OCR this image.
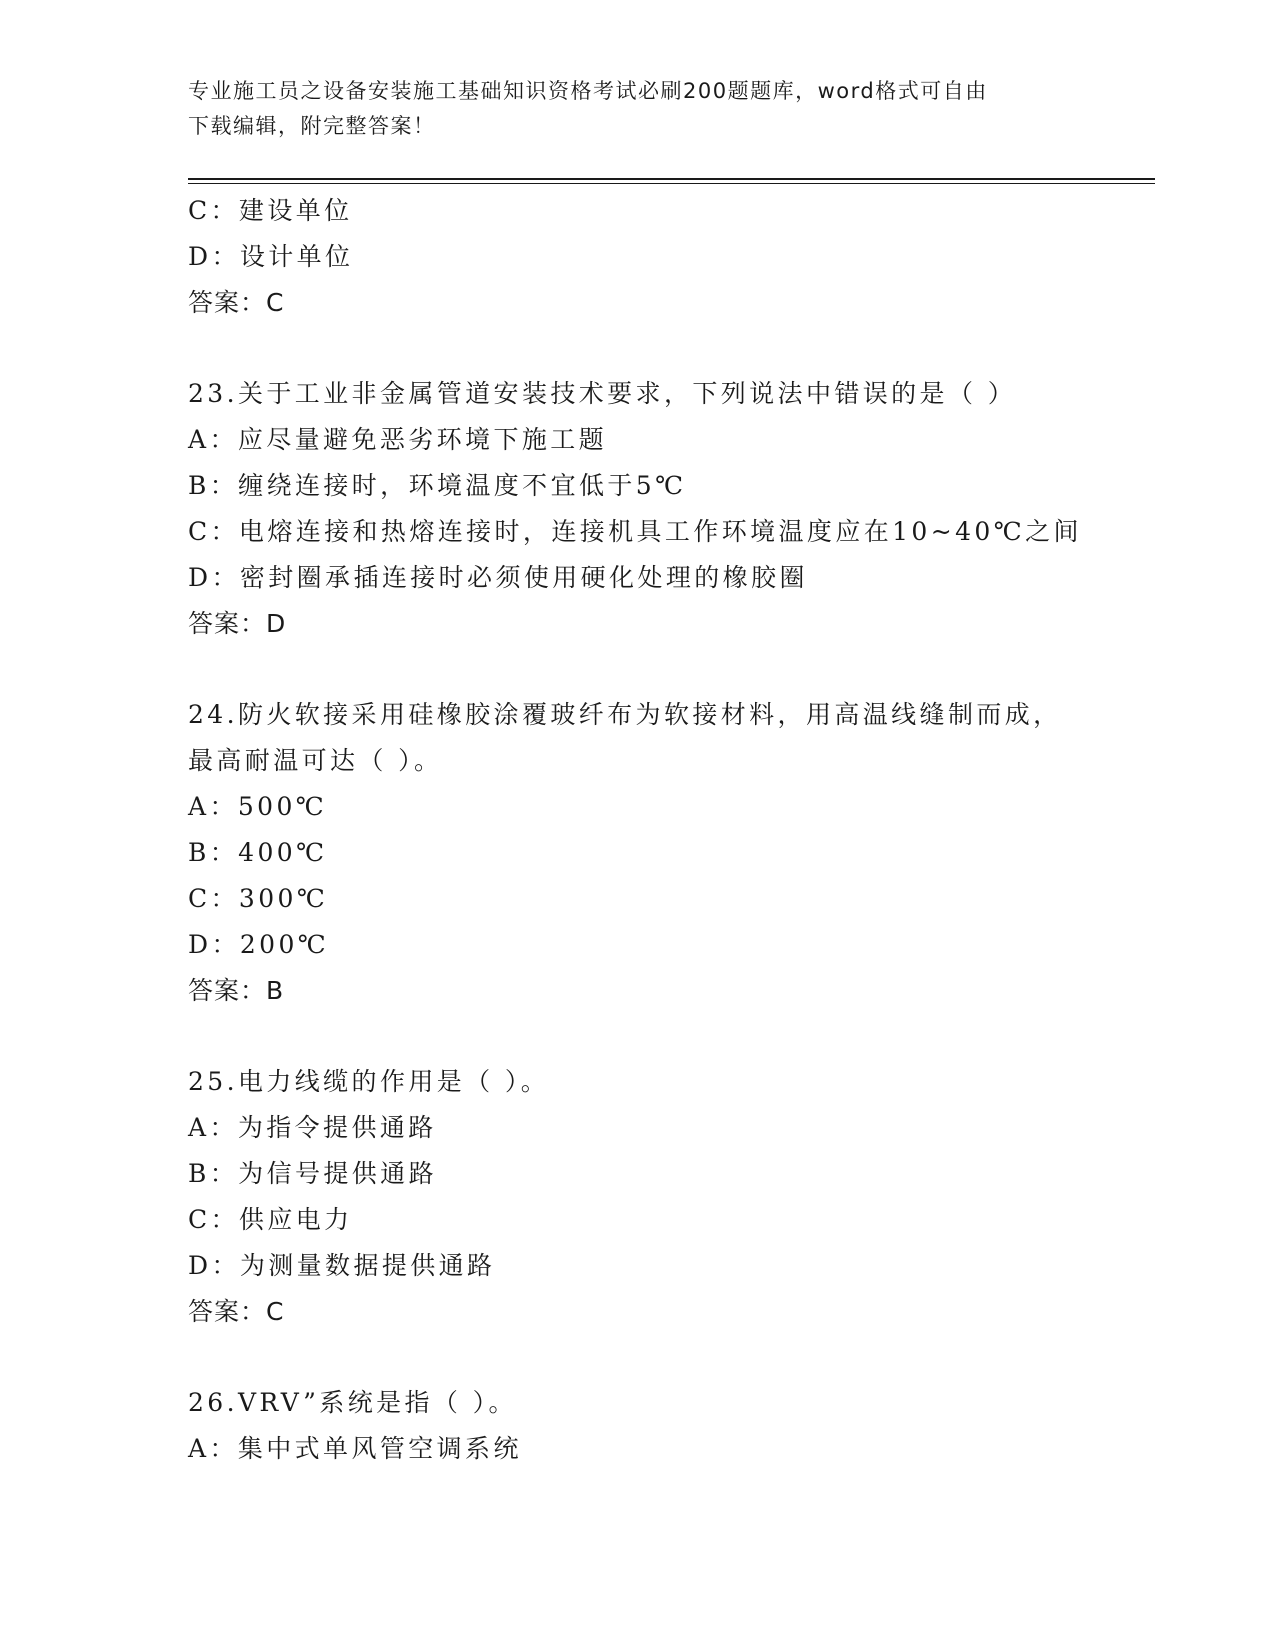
专业施工员之设备安装施工基础知识资格考试必刷200题题库，word格式可自由
下载编辑，附完整答案！
C：建设单位
D：设计单位
答案：C
23.关于工业非金属管道安装技术要求，下列说法中错误的是（ ）
A：应尽量避免恶劣环境下施工题
B：缠绕连接时，环境温度不宜低于5℃
C：电熔连接和热熔连接时，连接机具工作环境温度应在10~40℃之间
D：密封圈承插连接时必须使用硬化处理的橡胶圈
答案：D
24.防火软接采用硅橡胶涂覆玻纤布为软接材料，用高温线缝制而成，
最高耐温可达（ ）。
A：500℃
B：400℃
C：300℃
D：200℃
答案：B
25.电力线缆的作用是（ ）。
A：为指令提供通路
B：为信号提供通路
C：供应电力
D：为测量数据提供通路
答案：C
26.VRV”系统是指（ ）。
A：集中式单风管空调系统
